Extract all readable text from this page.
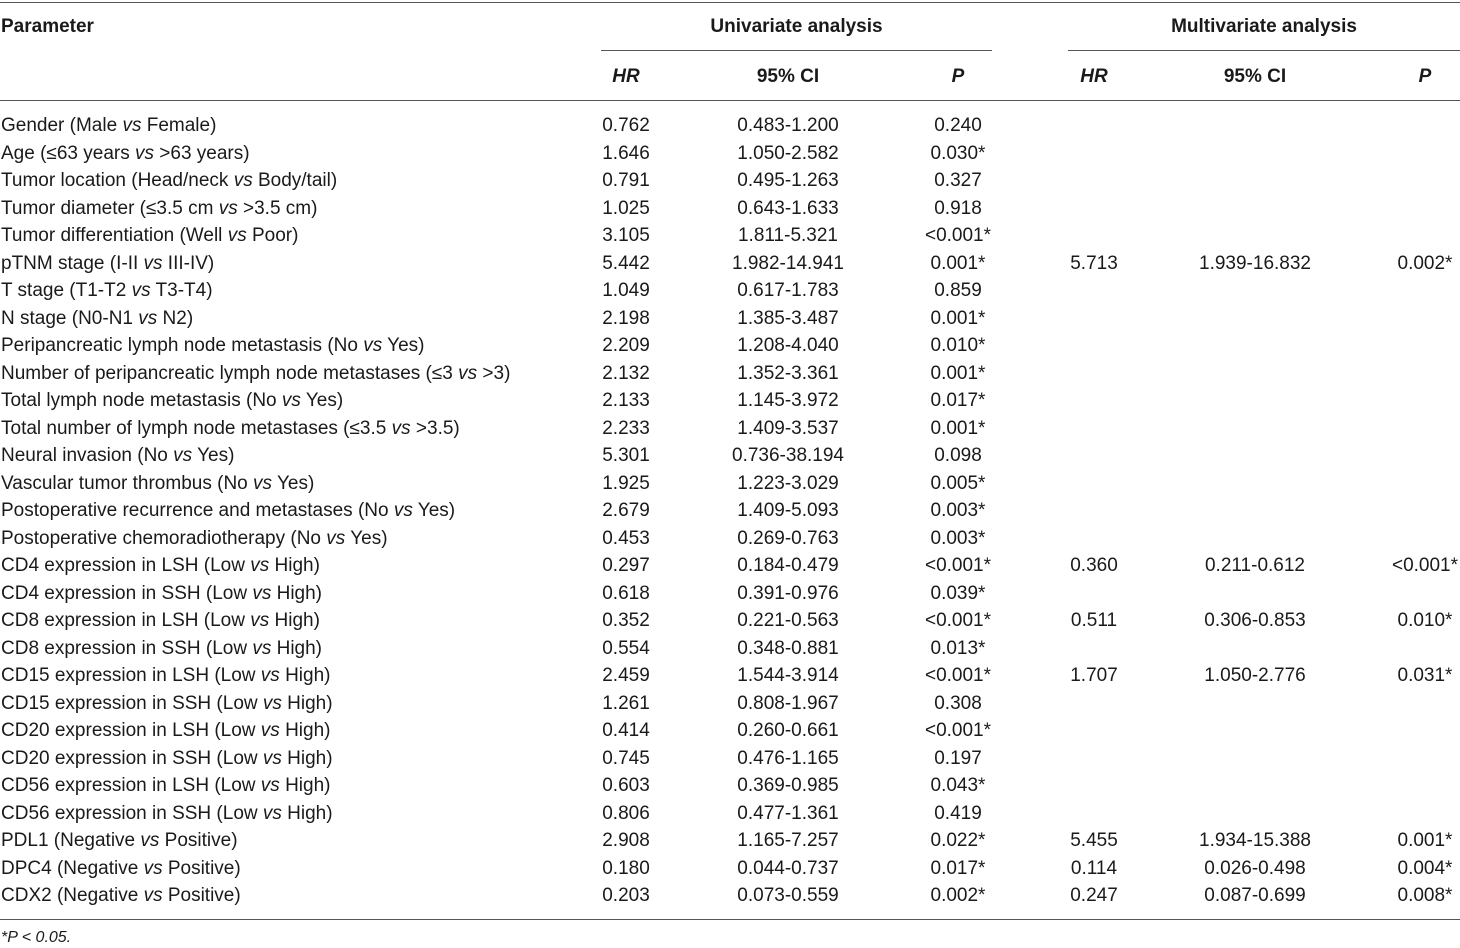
Parameter	Univariate analysis	Multivariate analysis
HR	95% CI	P	HR	95% CI	P
Gender (Male vs Female)	0.762	0.483-1.200	0.240
Age (≤63 years vs >63 years)	1.646	1.050-2.582	0.030*
Tumor location (Head/neck vs Body/tail)	0.791	0.495-1.263	0.327
Tumor diameter (≤3.5 cm vs >3.5 cm)	1.025	0.643-1.633	0.918
Tumor differentiation (Well vs Poor)	3.105	1.811-5.321	<0.001*
pTNM stage (I-II vs III-IV)	5.442	1.982-14.941	0.001*	5.713	1.939-16.832	0.002*
T stage (T1-T2 vs T3-T4)	1.049	0.617-1.783	0.859
N stage (N0-N1 vs N2)	2.198	1.385-3.487	0.001*
Peripancreatic lymph node metastasis (No vs Yes)	2.209	1.208-4.040	0.010*
Number of peripancreatic lymph node metastases (≤3 vs >3)	2.132	1.352-3.361	0.001*
Total lymph node metastasis (No vs Yes)	2.133	1.145-3.972	0.017*
Total number of lymph node metastases (≤3.5 vs >3.5)	2.233	1.409-3.537	0.001*
Neural invasion (No vs Yes)	5.301	0.736-38.194	0.098
Vascular tumor thrombus (No vs Yes)	1.925	1.223-3.029	0.005*
Postoperative recurrence and metastases (No vs Yes)	2.679	1.409-5.093	0.003*
Postoperative chemoradiotherapy (No vs Yes)	0.453	0.269-0.763	0.003*
CD4 expression in LSH (Low vs High)	0.297	0.184-0.479	<0.001*	0.360	0.211-0.612	<0.001*
CD4 expression in SSH (Low vs High)	0.618	0.391-0.976	0.039*
CD8 expression in LSH (Low vs High)	0.352	0.221-0.563	<0.001*	0.511	0.306-0.853	0.010*
CD8 expression in SSH (Low vs High)	0.554	0.348-0.881	0.013*
CD15 expression in LSH (Low vs High)	2.459	1.544-3.914	<0.001*	1.707	1.050-2.776	0.031*
CD15 expression in SSH (Low vs High)	1.261	0.808-1.967	0.308
CD20 expression in LSH (Low vs High)	0.414	0.260-0.661	<0.001*
CD20 expression in SSH (Low vs High)	0.745	0.476-1.165	0.197
CD56 expression in LSH (Low vs High)	0.603	0.369-0.985	0.043*
CD56 expression in SSH (Low vs High)	0.806	0.477-1.361	0.419
PDL1 (Negative vs Positive)	2.908	1.165-7.257	0.022*	5.455	1.934-15.388	0.001*
DPC4 (Negative vs Positive)	0.180	0.044-0.737	0.017*	0.114	0.026-0.498	0.004*
CDX2 (Negative vs Positive)	0.203	0.073-0.559	0.002*	0.247	0.087-0.699	0.008*
*P < 0.05.
